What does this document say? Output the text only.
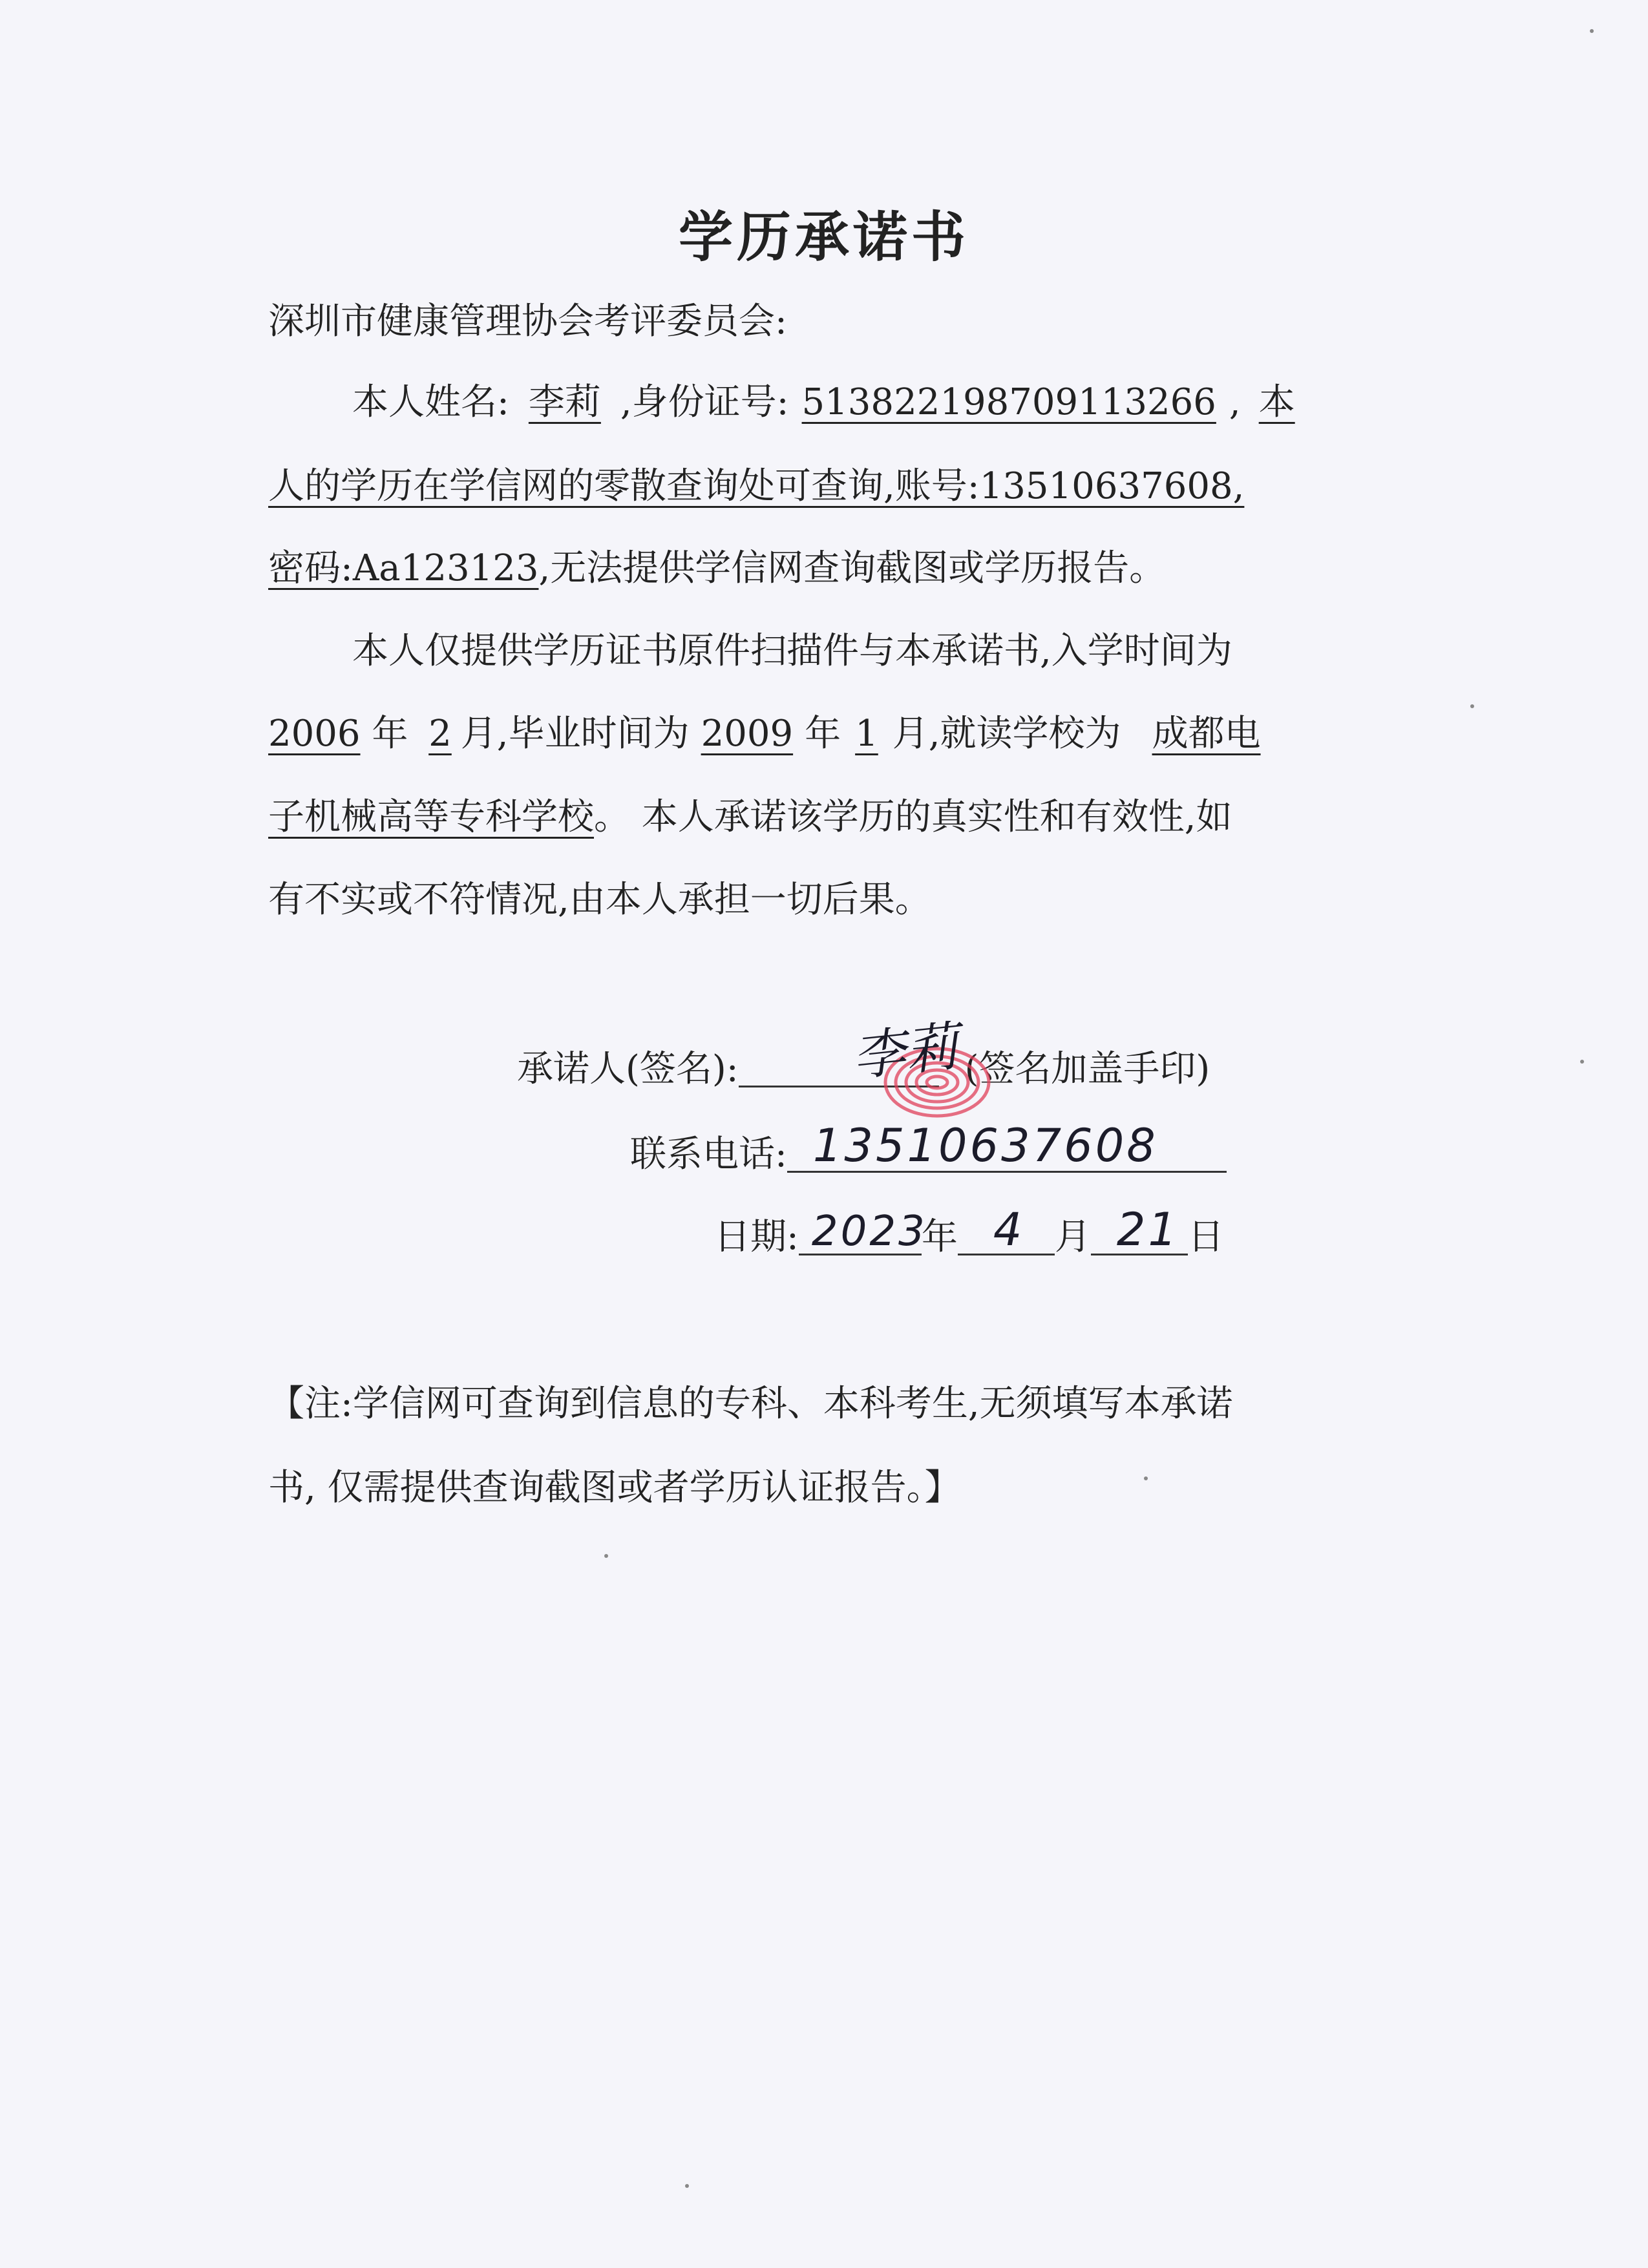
学历承诺书
深圳市健康管理协会考评委员会:
本人姓名: 李莉 ,身份证号: 513822198709113266 , 本
人的学历在学信网的零散查询处可查询,账号:13510637608,
密码:Aa123123,无法提供学信网查询截图或学历报告。
本人仅提供学历证书原件扫描件与本承诺书,入学时间为
2006 年 2 月,毕业时间为 2009 年 1 月,就读学校为 成都电
子机械高等专科学校。 本人承诺该学历的真实性和有效性,如
有不实或不符情况,由本人承担一切后果。
承诺人(签名):	(签名加盖手印)
李莉
联系电话: 13510637608
日期: 2023
年 4 月 21 日
【注:学信网可查询到信息的专科、本科考生,无须填写本承诺
书, 仅需提供查询截图或者学历认证报告。】
